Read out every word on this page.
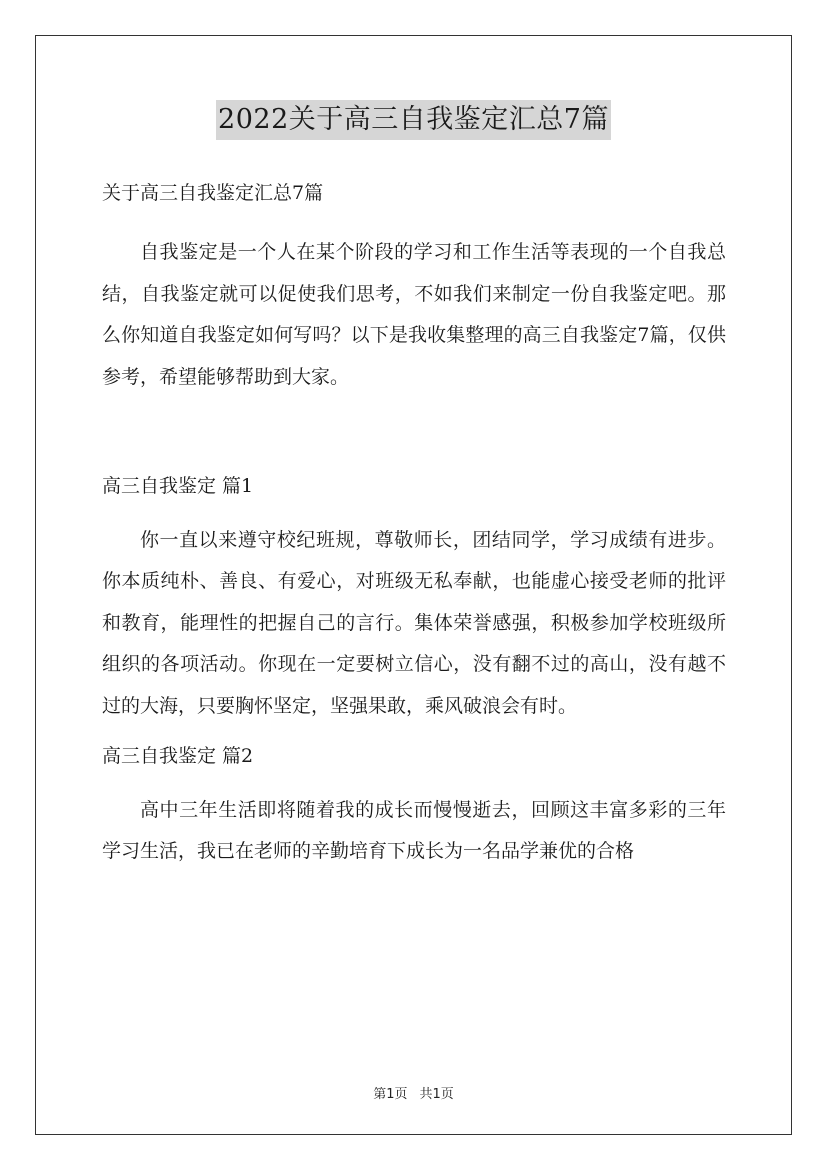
2022关于高三自我鉴定汇总7篇

关于高三自我鉴定汇总7篇

自我鉴定是一个人在某个阶段的学习和工作生活等表现的一个自我总结，自我鉴定就可以促使我们思考，不如我们来制定一份自我鉴定吧。那么你知道自我鉴定如何写吗？以下是我收集整理的高三自我鉴定7篇，仅供参考，希望能够帮助到大家。

高三自我鉴定 篇1

你一直以来遵守校纪班规，尊敬师长，团结同学，学习成绩有进步。你本质纯朴、善良、有爱心，对班级无私奉献，也能虚心接受老师的批评和教育，能理性的把握自己的言行。集体荣誉感强，积极参加学校班级所组织的各项活动。你现在一定要树立信心，没有翻不过的高山，没有越不过的大海，只要胸怀坚定，坚强果敢，乘风破浪会有时。

高三自我鉴定 篇2

高中三年生活即将随着我的成长而慢慢逝去，回顾这丰富多彩的三年学习生活，我已在老师的辛勤培育下成长为一名品学兼优的合格

第1页 共1页
